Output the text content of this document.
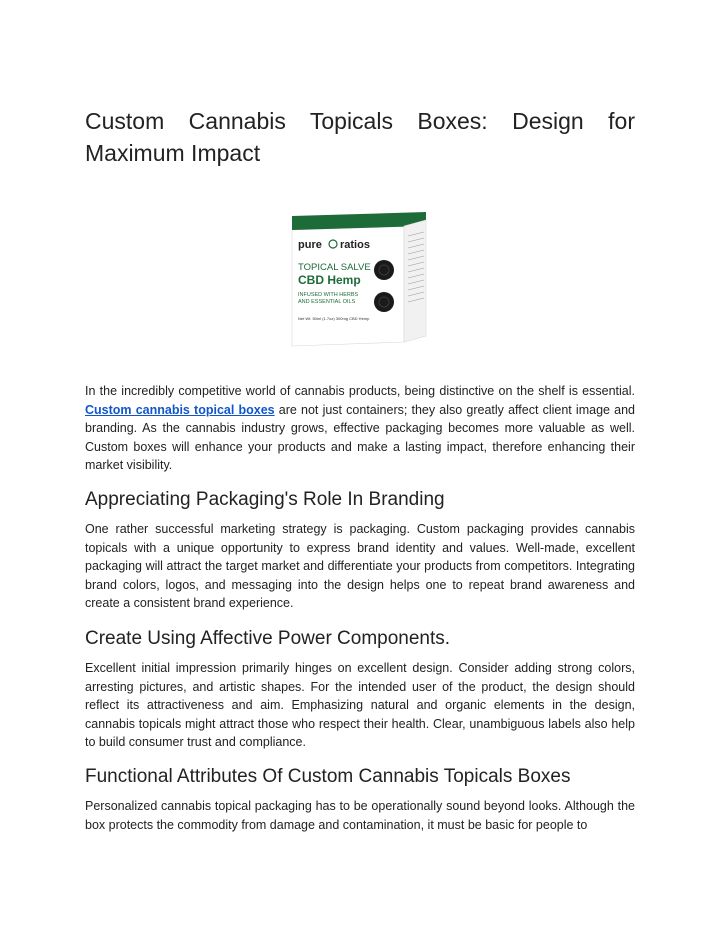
Custom Cannabis Topicals Boxes: Design for Maximum Impact
pure ratios
TOPICAL SALVE
CBD Hemp
INFUSED WITH HERBS
AND ESSENTIAL OILS
Net Wt. 50ml (1.7oz) 300mg CBD Hemp

In the incredibly competitive world of cannabis products, being distinctive on the shelf is essential. Custom cannabis topical boxes are not just containers; they also greatly affect client image and branding. As the cannabis industry grows, effective packaging becomes more valuable as well. Custom boxes will enhance your products and make a lasting impact, therefore enhancing their market visibility.

Appreciating Packaging's Role In Branding

One rather successful marketing strategy is packaging. Custom packaging provides cannabis topicals with a unique opportunity to express brand identity and values. Well-made, excellent packaging will attract the target market and differentiate your products from competitors. Integrating brand colors, logos, and messaging into the design helps one to repeat brand awareness and create a consistent brand experience.

Create Using Affective Power Components.

Excellent initial impression primarily hinges on excellent design. Consider adding strong colors, arresting pictures, and artistic shapes. For the intended user of the product, the design should reflect its attractiveness and aim. Emphasizing natural and organic elements in the design, cannabis topicals might attract those who respect their health. Clear, unambiguous labels also help to build consumer trust and compliance.

Functional Attributes Of Custom Cannabis Topicals Boxes

Personalized cannabis topical packaging has to be operationally sound beyond looks. Although the box protects the commodity from damage and contamination, it must be basic for people to
